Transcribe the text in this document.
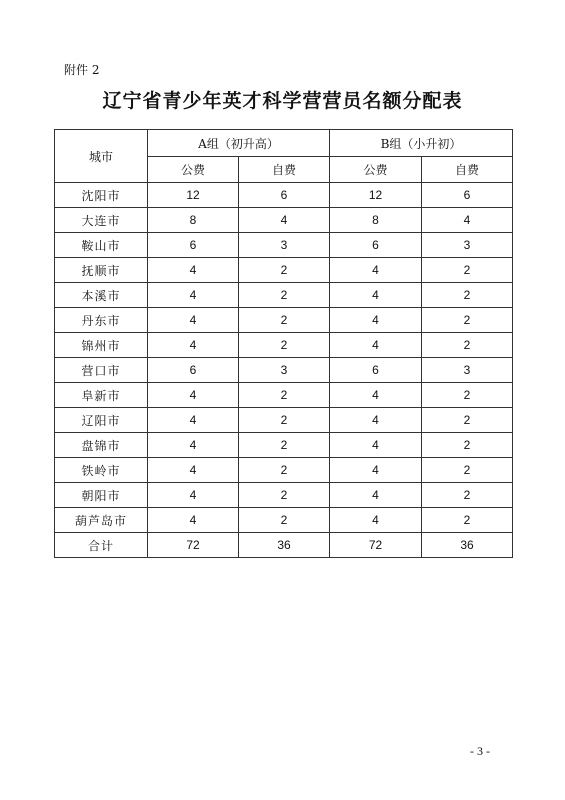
附件 2
辽宁省青少年英才科学营营员名额分配表
城市	A组（初升高）		B组（小升初）	
	公费	自费	公费	自费
沈阳市	12	6	12	6
大连市	8	4	8	4
鞍山市	6	3	6	3
抚顺市	4	2	4	2
本溪市	4	2	4	2
丹东市	4	2	4	2
锦州市	4	2	4	2
营口市	6	3	6	3
阜新市	4	2	4	2
辽阳市	4	2	4	2
盘锦市	4	2	4	2
铁岭市	4	2	4	2
朝阳市	4	2	4	2
葫芦岛市	4	2	4	2
合计	72	36	72	36
- 3 -
